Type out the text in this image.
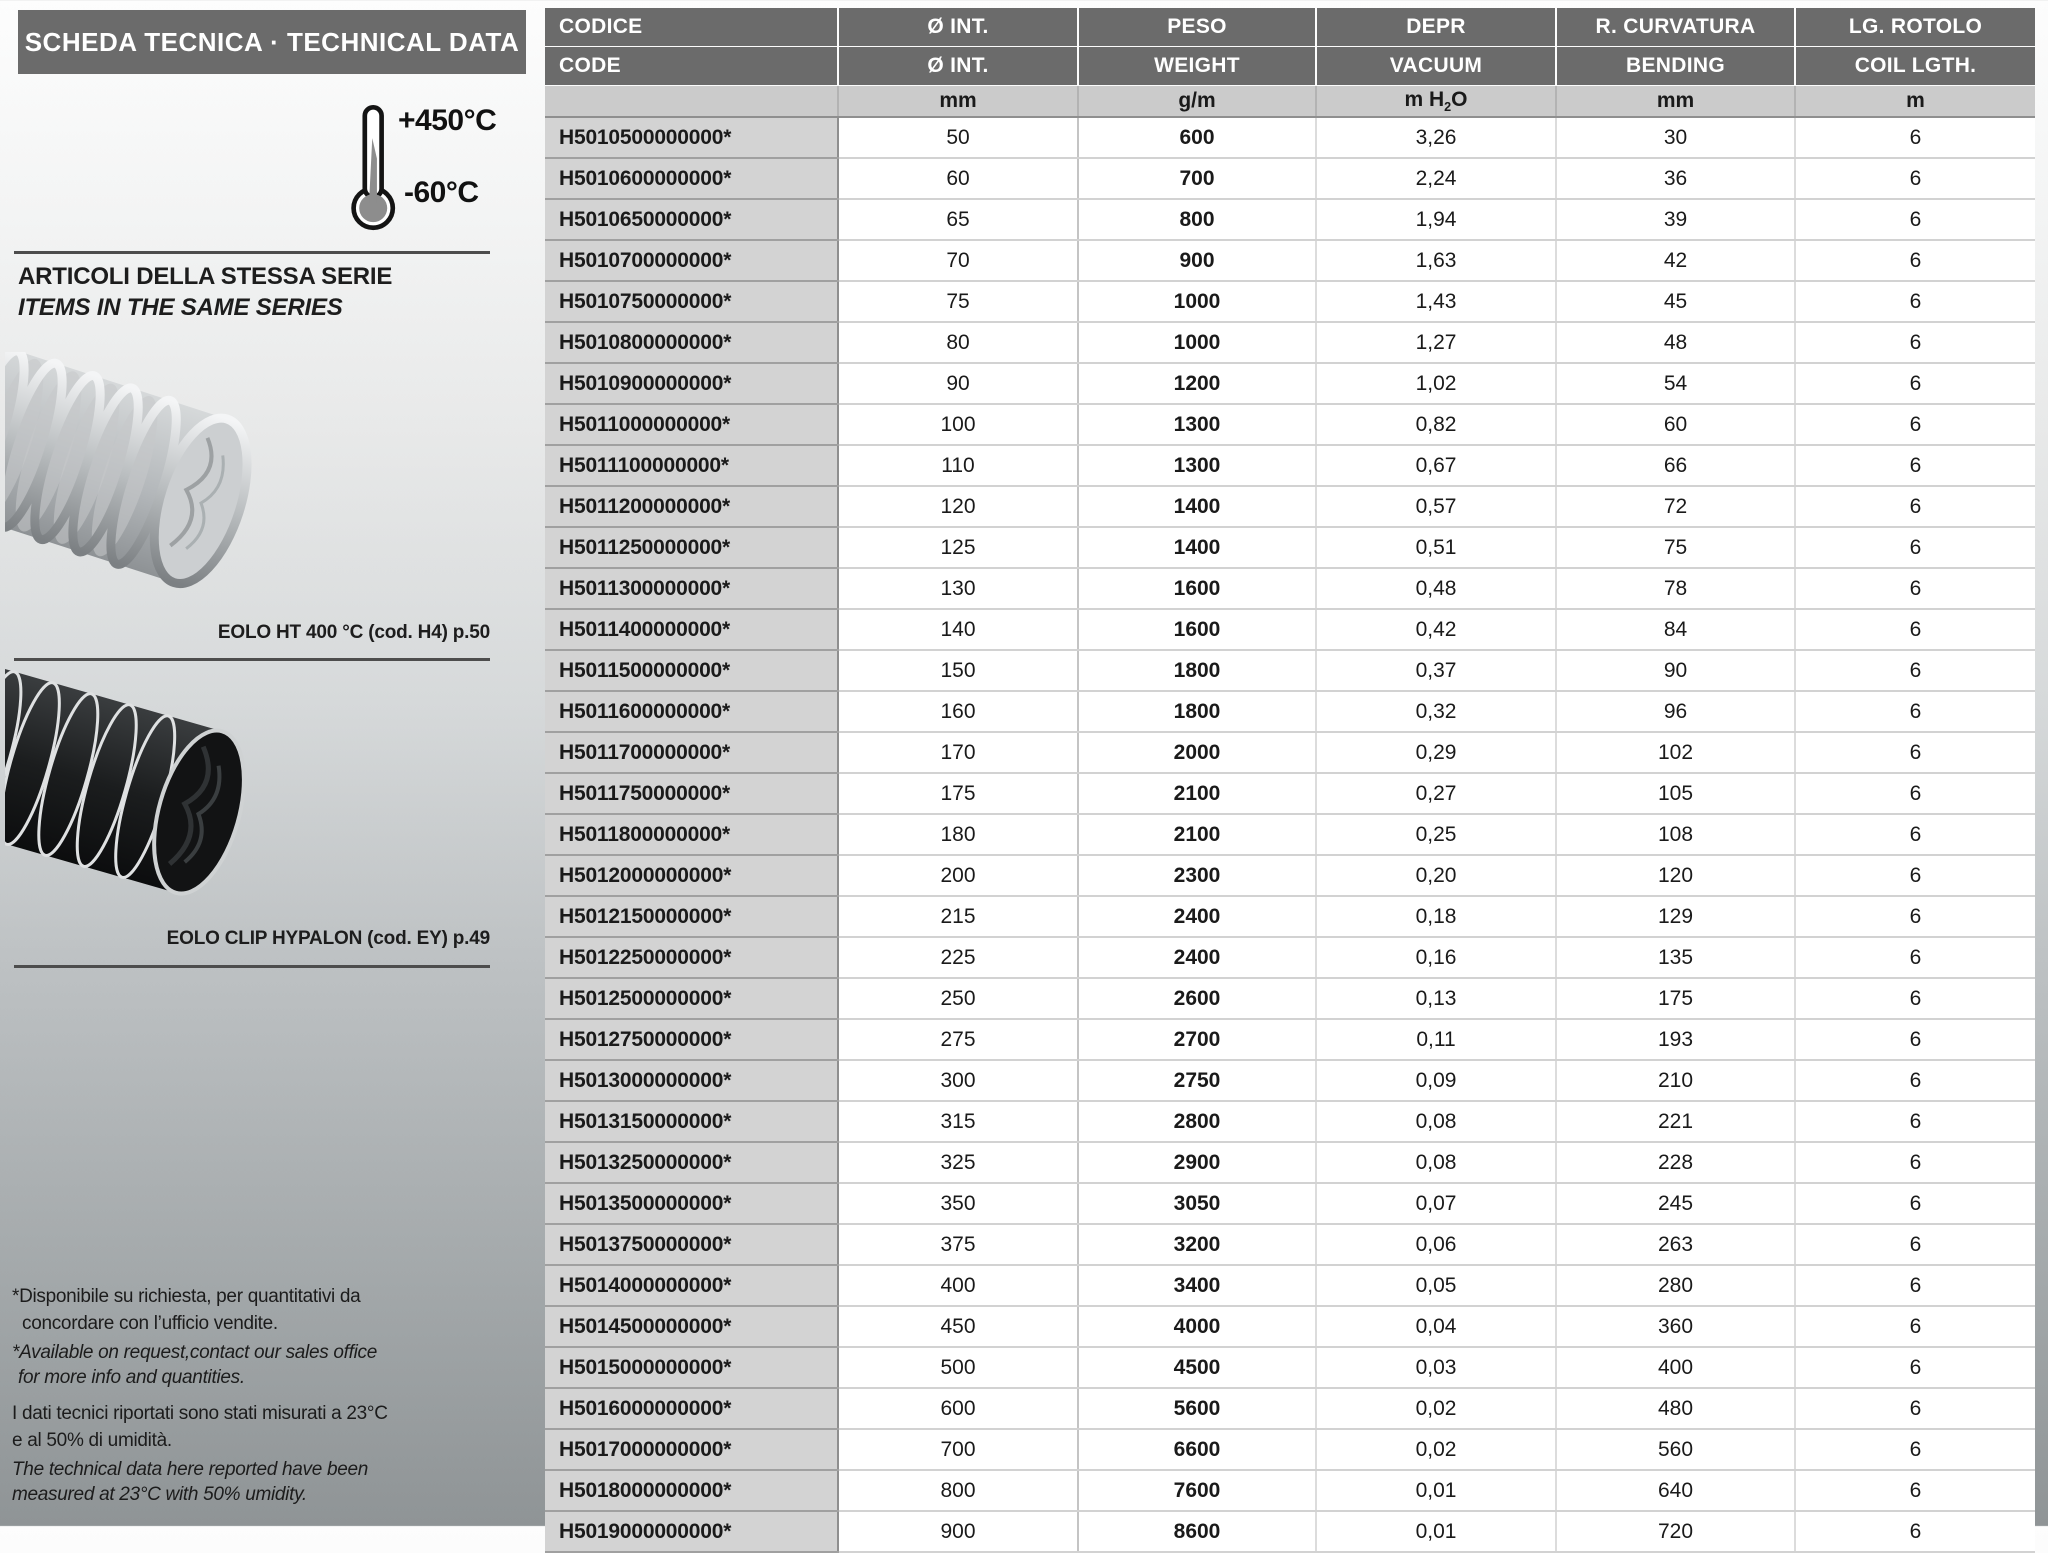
SCHEDA TECNICA · TECHNICAL DATA
+450°C
-60°C
ARTICOLI DELLA STESSA SERIE
ITEMS IN THE SAME SERIES
EOLO HT 400 °C (cod. H4) p.50
EOLO CLIP HYPALON (cod. EY) p.49
*Disponibile su richiesta, per quantitativi da
concordare con l’ufficio vendite.
*Available on request,contact our sales office
for more info and quantities.
I dati tecnici riportati sono stati misurati a 23°C
e al 50% di umidità.
The technical data here reported have been
measured at 23°C with 50% umidity.
CODICE	Ø INT.	PESO	DEPR	R. CURVATURA	LG. ROTOLO
CODE	Ø INT.	WEIGHT	VACUUM	BENDING	COIL LGTH.
	mm	g/m	m $H_2O$	mm	m
H5010500000000*	50	600	3,26	30	6
H5010600000000*	60	700	2,24	36	6
H5010650000000*	65	800	1,94	39	6
H5010700000000*	70	900	1,63	42	6
H5010750000000*	75	1000	1,43	45	6
H5010800000000*	80	1000	1,27	48	6
H5010900000000*	90	1200	1,02	54	6
H5011000000000*	100	1300	0,82	60	6
H5011100000000*	110	1300	0,67	66	6
H5011200000000*	120	1400	0,57	72	6
H5011250000000*	125	1400	0,51	75	6
H5011300000000*	130	1600	0,48	78	6
H5011400000000*	140	1600	0,42	84	6
H5011500000000*	150	1800	0,37	90	6
H5011600000000*	160	1800	0,32	96	6
H5011700000000*	170	2000	0,29	102	6
H5011750000000*	175	2100	0,27	105	6
H5011800000000*	180	2100	0,25	108	6
H5012000000000*	200	2300	0,20	120	6
H5012150000000*	215	2400	0,18	129	6
H5012250000000*	225	2400	0,16	135	6
H5012500000000*	250	2600	0,13	175	6
H5012750000000*	275	2700	0,11	193	6
H5013000000000*	300	2750	0,09	210	6
H5013150000000*	315	2800	0,08	221	6
H5013250000000*	325	2900	0,08	228	6
H5013500000000*	350	3050	0,07	245	6
H5013750000000*	375	3200	0,06	263	6
H5014000000000*	400	3400	0,05	280	6
H5014500000000*	450	4000	0,04	360	6
H5015000000000*	500	4500	0,03	400	6
H5016000000000*	600	5600	0,02	480	6
H5017000000000*	700	6600	0,02	560	6
H5018000000000*	800	7600	0,01	640	6
H5019000000000*	900	8600	0,01	720	6
